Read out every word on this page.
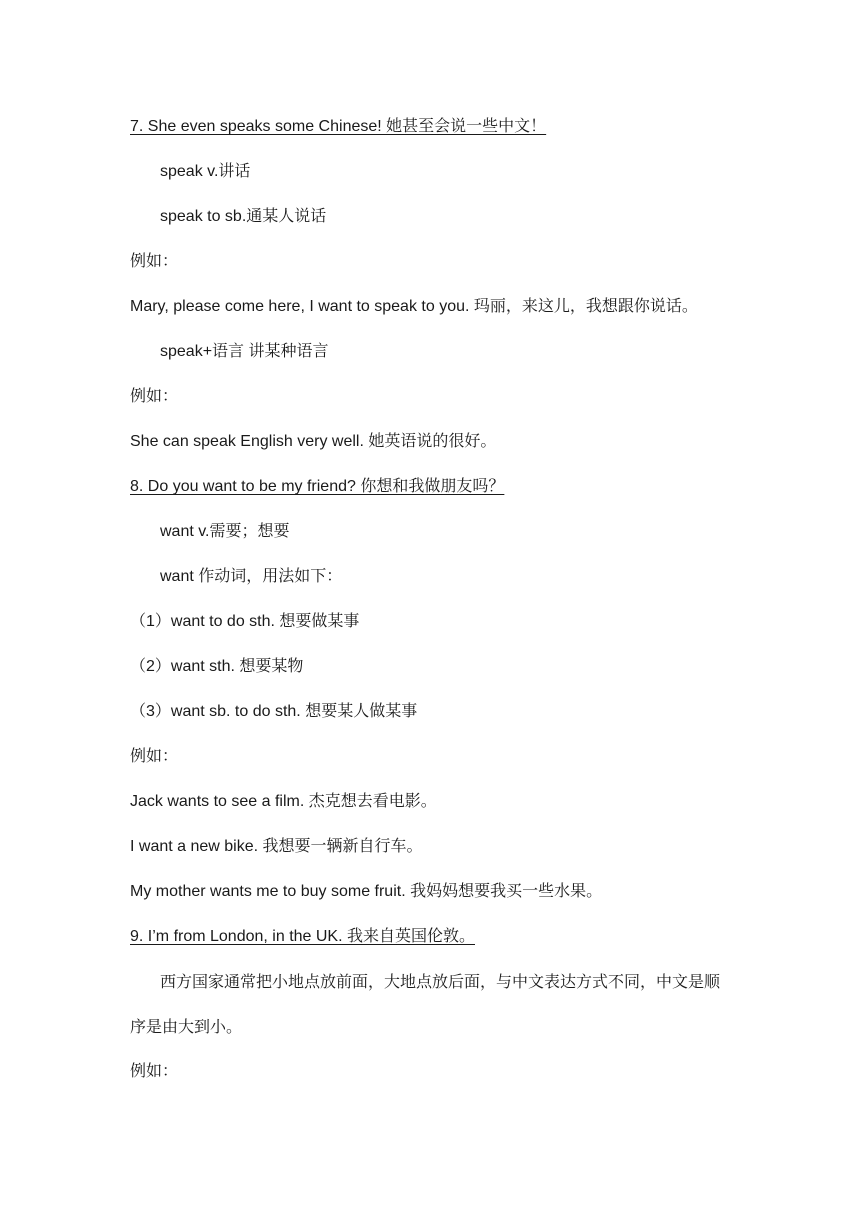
7. She even speaks some Chinese! 她甚至会说一些中文！
speak v.讲话
speak to sb.通某人说话
例如：
Mary, please come here, I want to speak to you. 玛丽，来这儿，我想跟你说话。
speak+语言 讲某种语言
例如：
She can speak English very well. 她英语说的很好。
8. Do you want to be my friend? 你想和我做朋友吗？
want v.需要；想要
want 作动词，用法如下：
（1）want to do sth. 想要做某事
（2）want sth. 想要某物
（3）want sb. to do sth. 想要某人做某事
例如：
Jack wants to see a film. 杰克想去看电影。
I want a new bike. 我想要一辆新自行车。
My mother wants me to buy some fruit. 我妈妈想要我买一些水果。
9. I’m from London, in the UK. 我来自英国伦敦。
西方国家通常把小地点放前面，大地点放后面，与中文表达方式不同，中文是顺序是由大到小。
例如：
